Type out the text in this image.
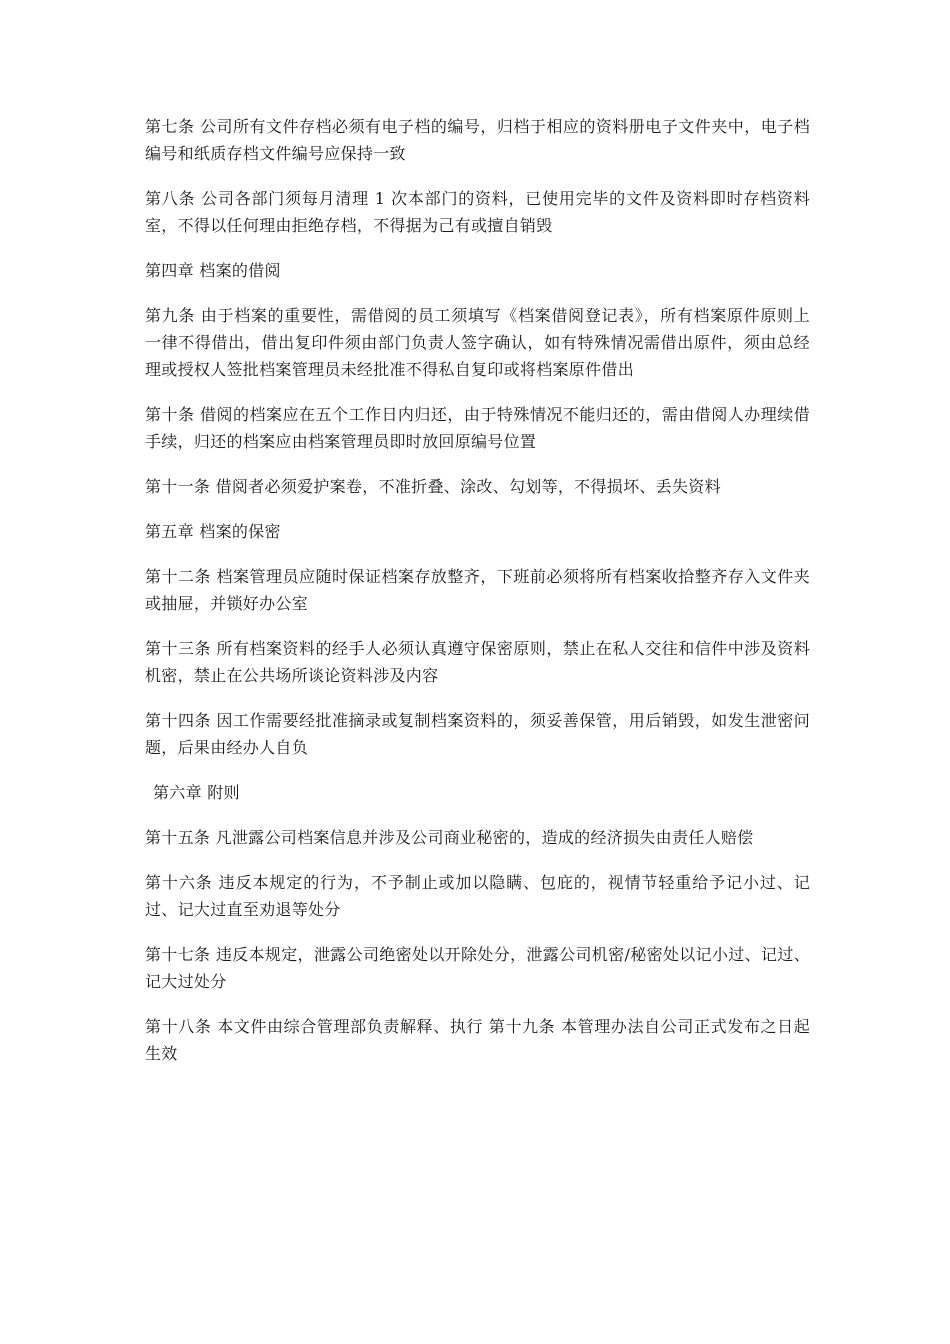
第七条 公司所有文件存档必须有电子档的编号，归档于相应的资料册电子文件夹中，电子档编号和纸质存档文件编号应保持一致

第八条 公司各部门须每月清理 1 次本部门的资料，已使用完毕的文件及资料即时存档资料室，不得以任何理由拒绝存档，不得据为己有或擅自销毁

第四章 档案的借阅

第九条 由于档案的重要性，需借阅的员工须填写《档案借阅登记表》，所有档案原件原则上一律不得借出，借出复印件须由部门负责人签字确认，如有特殊情况需借出原件，须由总经理或授权人签批档案管理员未经批准不得私自复印或将档案原件借出

第十条 借阅的档案应在五个工作日内归还，由于特殊情况不能归还的，需由借阅人办理续借手续，归还的档案应由档案管理员即时放回原编号位置

第十一条 借阅者必须爱护案卷，不准折叠、涂改、勾划等，不得损坏、丢失资料

第五章 档案的保密

第十二条 档案管理员应随时保证档案存放整齐，下班前必须将所有档案收拾整齐存入文件夹或抽屉，并锁好办公室

第十三条 所有档案资料的经手人必须认真遵守保密原则，禁止在私人交往和信件中涉及资料机密，禁止在公共场所谈论资料涉及内容

第十四条 因工作需要经批准摘录或复制档案资料的，须妥善保管，用后销毁，如发生泄密问题，后果由经办人自负

第六章 附则

第十五条 凡泄露公司档案信息并涉及公司商业秘密的，造成的经济损失由责任人赔偿

第十六条 违反本规定的行为，不予制止或加以隐瞒、包庇的，视情节轻重给予记小过、记过、记大过直至劝退等处分

第十七条 违反本规定，泄露公司绝密处以开除处分，泄露公司机密/秘密处以记小过、记过、记大过处分

第十八条 本文件由综合管理部负责解释、执行 第十九条 本管理办法自公司正式发布之日起生效
